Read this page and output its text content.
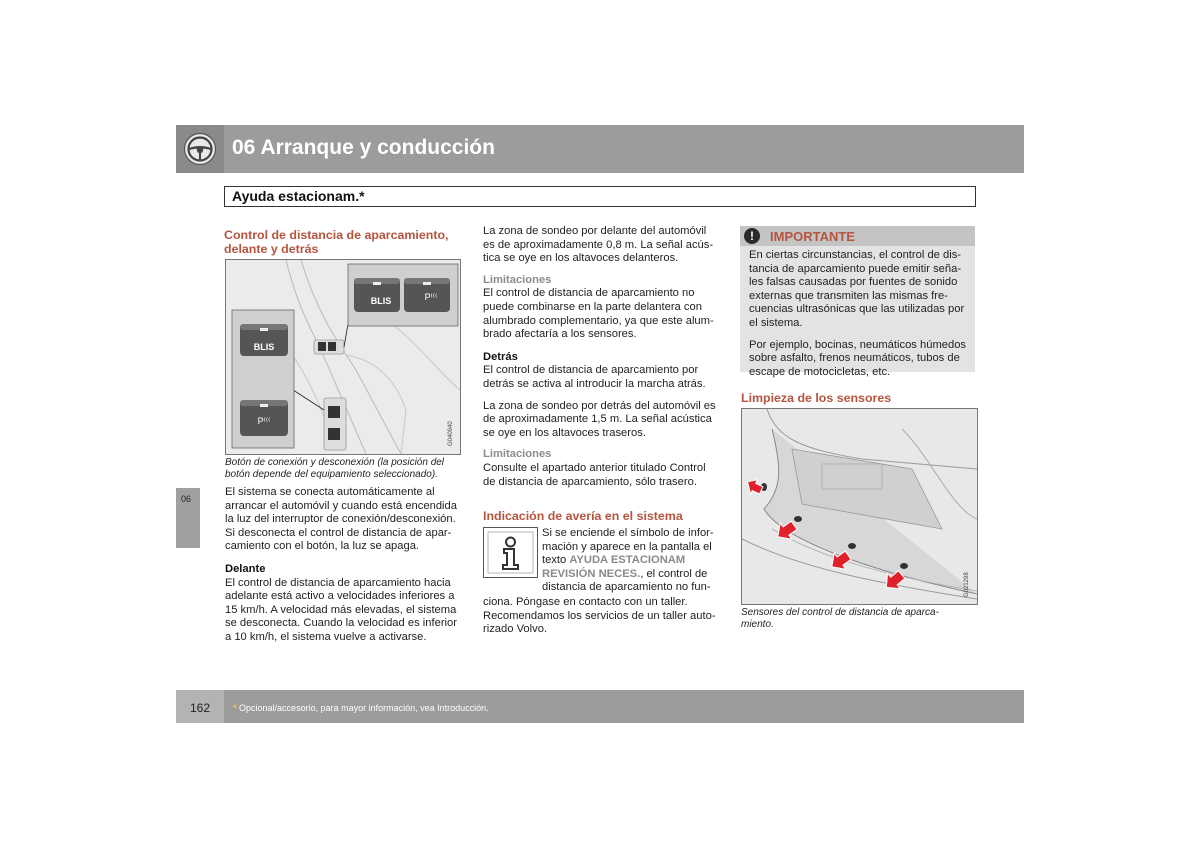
06 Arranque y conducción
Ayuda estacionam.*
06
Control de distancia de aparcamiento,
delante y detrás
BLIS	P⁽⁽⁽
BLIS
P⁽⁽⁽
G040940
Botón de conexión y desconexión (la posición del
botón depende del equipamiento seleccionado).

El sistema se conecta automáticamente al
arrancar el automóvil y cuando está encendida
la luz del interruptor de conexión/desconexión.
Si desconecta el control de distancia de apar-
camiento con el botón, la luz se apaga.

Delante

El control de distancia de aparcamiento hacia
adelante está activo a velocidades inferiores a
15 km/h. A velocidad más elevadas, el sistema
se desconecta. Cuando la velocidad es inferior
a 10 km/h, el sistema vuelve a activarse.

La zona de sondeo por delante del automóvil
es de aproximadamente 0,8 m. La señal acús-
tica se oye en los altavoces delanteros.

Limitaciones

El control de distancia de aparcamiento no
puede combinarse en la parte delantera con
alumbrado complementario, ya que este alum-
brado afectaría a los sensores.

Detrás

El control de distancia de aparcamiento por
detrás se activa al introducir la marcha atrás.

La zona de sondeo por detrás del automóvil es
de aproximadamente 1,5 m. La señal acústica
se oye en los altavoces traseros.

Limitaciones

Consulte el apartado anterior titulado Control
de distancia de aparcamiento, sólo trasero.

Indicación de avería en el sistema
Si se enciende el símbolo de infor-
mación y aparece en la pantalla el
texto AYUDA ESTACIONAM
REVISIÓN NECES., el control de
distancia de aparcamiento no fun-
ciona. Póngase en contacto con un taller.
Recomendamos los servicios de un taller auto-
rizado Volvo.
!	IMPORTANTE

En ciertas circunstancias, el control de dis-
tancia de aparcamiento puede emitir seña-
les falsas causadas por fuentes de sonido
externas que transmiten las mismas fre-
cuencias ultrasónicas que las utilizadas por
el sistema.

Por ejemplo, bocinas, neumáticos húmedos
sobre asfalto, frenos neumáticos, tubos de
escape de motocicletas, etc.

Limpieza de los sensores
G021298
Sensores del control de distancia de aparca-
miento.
162	* Opcional/accesorio, para mayor información, vea Introducción.
